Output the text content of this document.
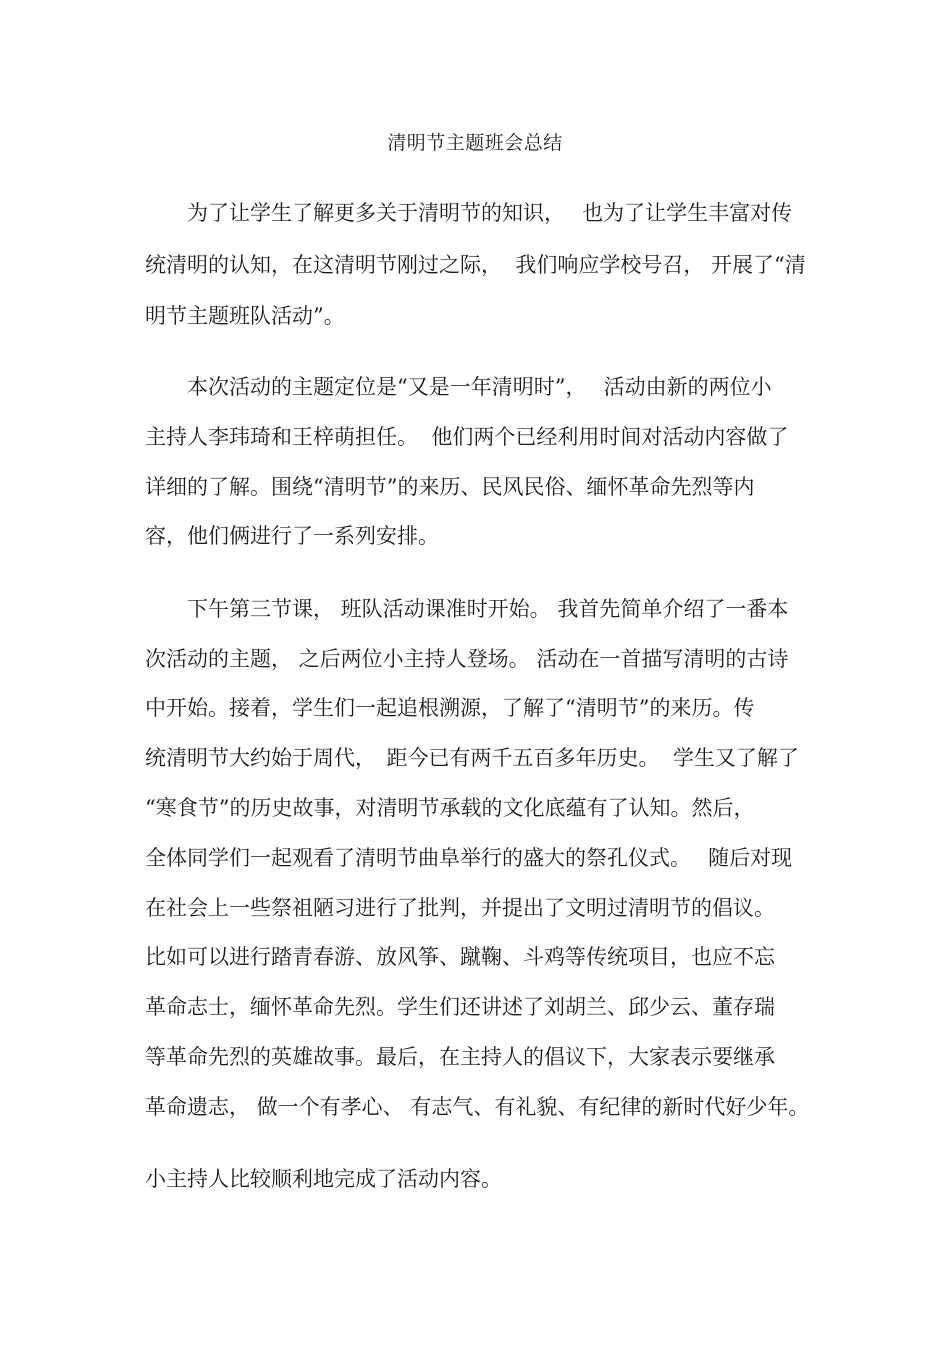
清明节主题班会总结
　　为了让学生了解更多关于清明节的知识，　 也为了让学生丰富对传
统清明的认知，在这清明节刚过之际，  我们响应学校号召， 开展了“清
明节主题班队活动”。
　　本次活动的主题定位是“又是一年清明时”，　 活动由新的两位小
主持人李玮琦和王梓萌担任。  他们两个已经利用时间对活动内容做了
详细的了解。围绕“清明节”的来历、民风民俗、缅怀革命先烈等内
容，他们俩进行了一系列安排。
　　下午第三节课， 班队活动课准时开始。 我首先简单介绍了一番本
次活动的主题， 之后两位小主持人登场。 活动在一首描写清明的古诗
中开始。接着，学生们一起追根溯源，了解了“清明节”的来历。传
统清明节大约始于周代，　距今已有两千五百多年历史。  学生又了解了
“寒食节”的历史故事，对清明节承载的文化底蕴有了认知。然后，
全体同学们一起观看了清明节曲阜举行的盛大的祭孔仪式。　 随后对现
在社会上一些祭祖陋习进行了批判，并提出了文明过清明节的倡议。
比如可以进行踏青春游、放风筝、蹴鞠、斗鸡等传统项目，也应不忘
革命志士，缅怀革命先烈。学生们还讲述了刘胡兰、邱少云、董存瑞
等革命先烈的英雄故事。最后，在主持人的倡议下，大家表示要继承
革命遗志， 做一个有孝心、 有志气、有礼貌、有纪律的新时代好少年。
小主持人比较顺利地完成了活动内容。
